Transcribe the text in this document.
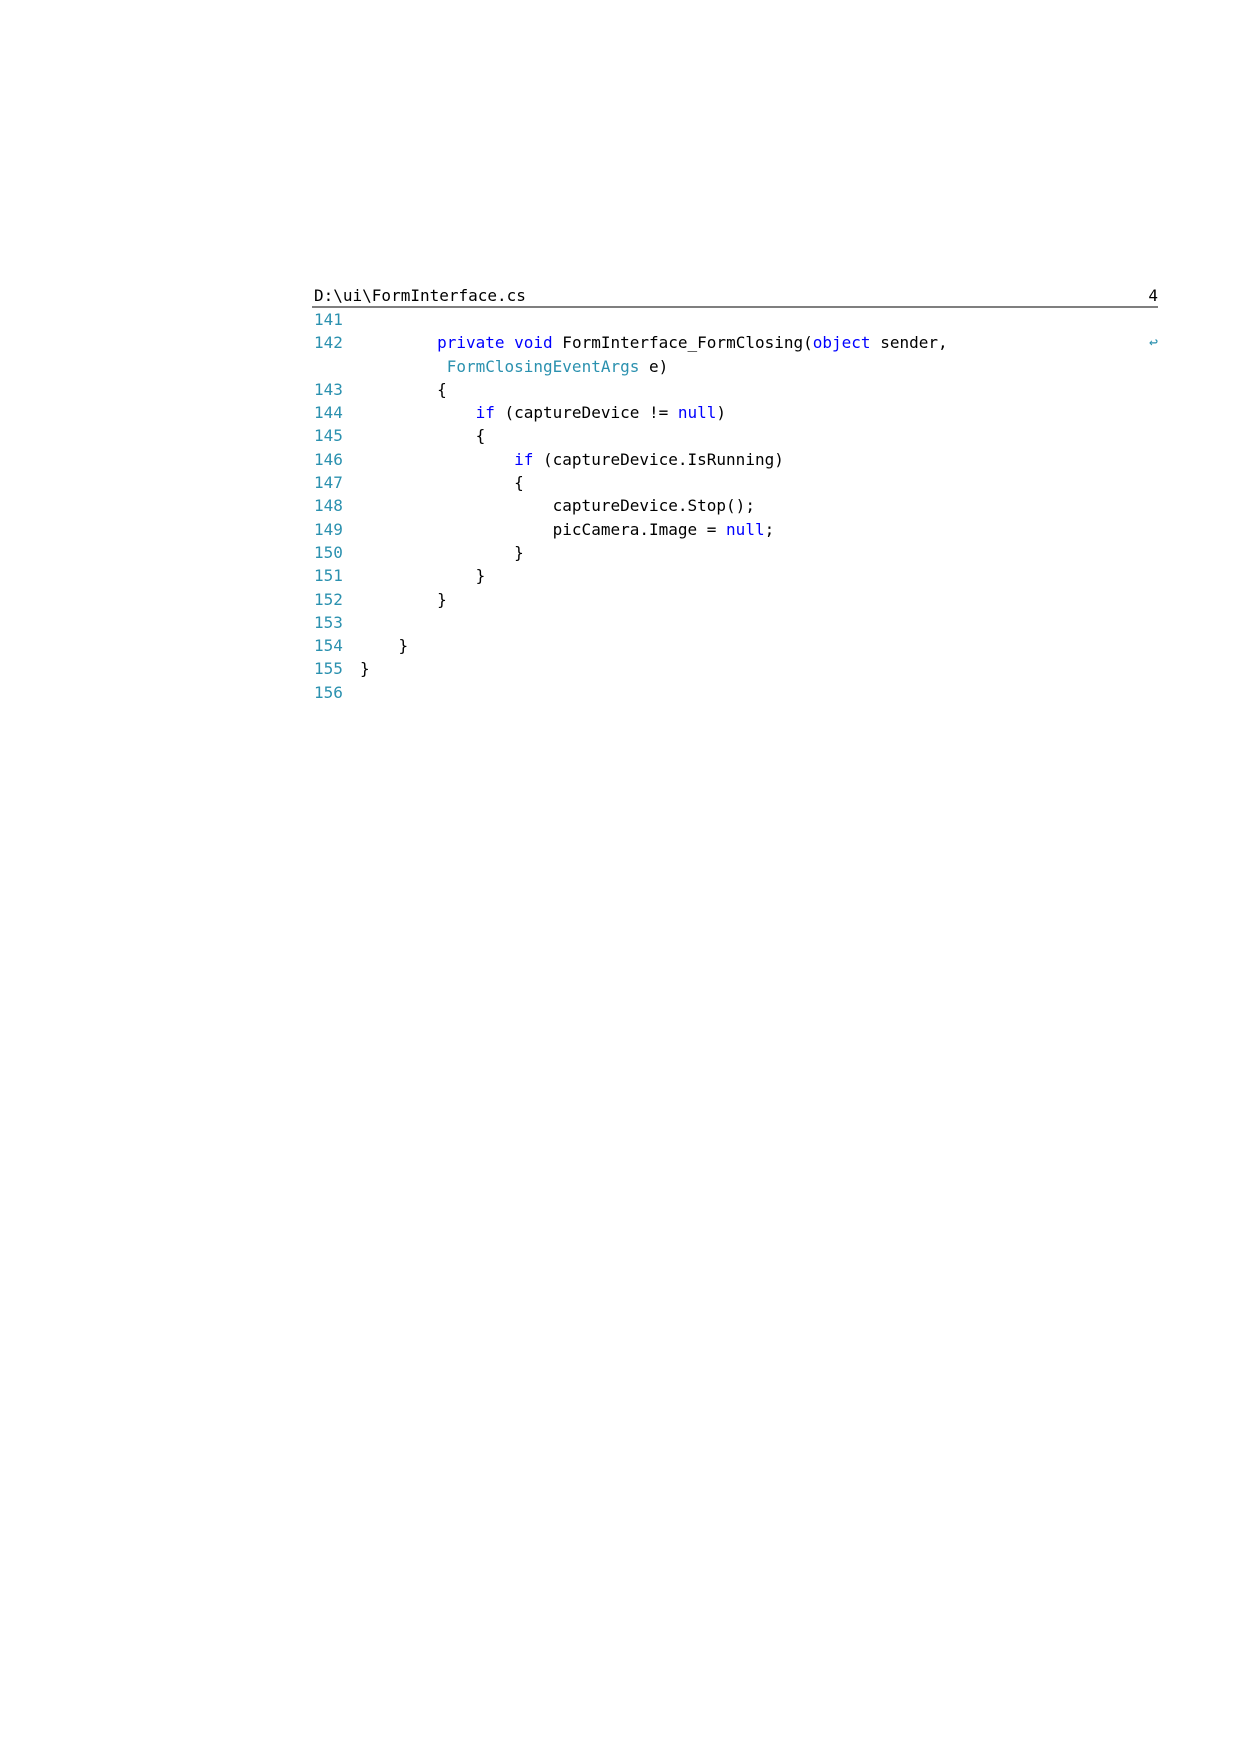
D:\ui\FormInterface.cs	4

141

142

	private void FormInterface_FormClosing(object sender,

	↩

FormClosingEventArgs e)

143

	{

144

	if (captureDevice != null)

145

	{

146

	if (captureDevice.IsRunning)

147

	{

148

	captureDevice.Stop();

149

	picCamera.Image = null;

150

	}

151

	}

152

	}

153

154

	}

155

}

156
